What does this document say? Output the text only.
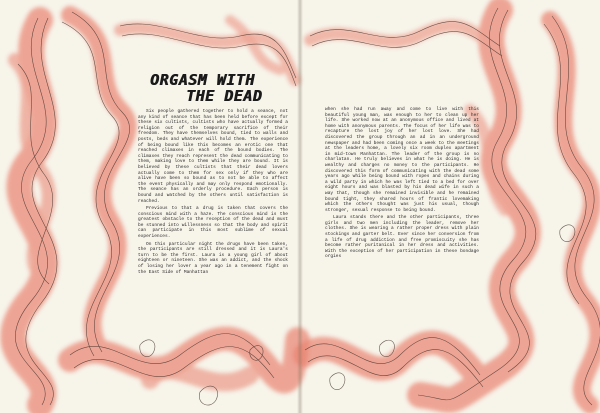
ORGASM WITH
THE DEAD

Six people gathered together to hold a seance, not any kind of seance that has been held before except for these six cultists, cultists who have actually formed a religion out of the temporary sacrifice of their freedom. They have themselves bound, tied to walls and posts, beds and whatever will hold them. The experience of being bound like this becomes an erotic one that reached climaxes in each of the bound bodies. The climaxes they reach represent the dead communicating to them, making love to them while they are bound. It is believed by these cultists that their dead lovers actually come to them for sex only if they who are alive have been so bound as to not be able to affect the event physically and may only respond emotionally. The seance has an orderly procedure. Each person is bound and watched by the others until satisfaction is reached.

Previous to that a drug is taken that covers the conscious mind with a haze. The conscious mind is the greatest obstacle to the reception of the dead and must be stunned into willessness so that the body and spirit can participate in this most sublime of sexual experiences.

On this particular night the drugs have been taken, the participants are still dressed and it is Laura's turn to be the first. Laura is a young girl of about eighteen or nineteen. She was an addict, and the shock of losing her lover a year ago in a tenement fight on the East Side of Manhattan

when she had run away and come to live with this beautiful young man, was enough to her to clean up her life. She worked now at an anonymous office and lived at home with anonymous parents. The focus of her life was to recapture the lost joy of her lost love. She had discovered the group through an ad in an underground newspaper and had been coming once a week to the meetings at the leaders home, a lovely six room duplex apartment in mid-town Manhattan. The leader of the group is no charlatan. He truly believes in what he is doing. He is wealthy and charges no money to the participants. He discovered this form of communicating with the dead some years ago while being bound with ropes and chains during a wild party in which he was left tied to a bed for over eight hours and was blasted by his dead wife in such a way that, though she remained invisible and he remained bound tight, they shared hours of frantic lovemaking which the others thought was just his usual, though stronger, sexual response to being bound.

Laura stands there and the other participants, three girls and two men including the leader, remove her clothes. She is wearing a rather proper dress with plain stockings and garter belt. Ever since her conversion from a life of drug addiction and free promiscuity she has become rather puritanical in her dress and activities. With the exception of her participation in these bondage orgies
